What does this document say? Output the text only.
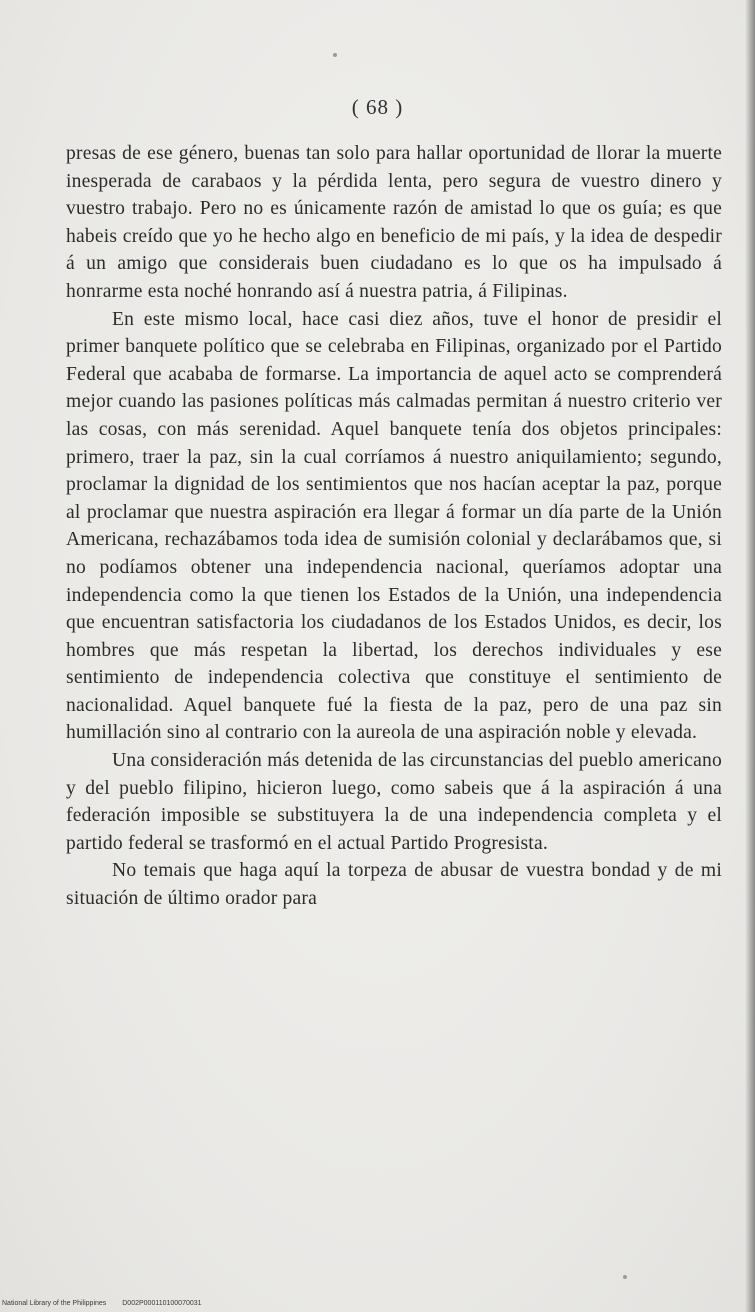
( 68 )

presas de ese género, buenas tan solo para hallar oportunidad de llorar la muerte inesperada de carabaos y la pérdida lenta, pero segura de vuestro dinero y vuestro trabajo. Pero no es únicamente razón de amistad lo que os guía; es que habeis creído que yo he hecho algo en beneficio de mi país, y la idea de despedir á un amigo que considerais buen ciudadano es lo que os ha impulsado á honrarme esta noché honrando así á nuestra patria, á Filipinas.

En este mismo local, hace casi diez años, tuve el honor de presidir el primer banquete político que se celebraba en Filipinas, organizado por el Partido Federal que acababa de formarse. La importancia de aquel acto se comprenderá mejor cuando las pasiones políticas más calmadas permitan á nuestro criterio ver las cosas, con más serenidad. Aquel banquete tenía dos objetos principales: primero, traer la paz, sin la cual corríamos á nuestro aniquilamiento; segundo, proclamar la dignidad de los sentimientos que nos hacían aceptar la paz, porque al proclamar que nuestra aspiración era llegar á formar un día parte de la Unión Americana, rechazábamos toda idea de sumisión colonial y declarábamos que, si no podíamos obtener una independencia nacional, queríamos adoptar una independencia como la que tienen los Estados de la Unión, una independencia que encuentran satisfactoria los ciudadanos de los Estados Unidos, es decir, los hombres que más respetan la libertad, los derechos individuales y ese sentimiento de independencia colectiva que constituye el sentimiento de nacionalidad. Aquel banquete fué la fiesta de la paz, pero de una paz sin humillación sino al contrario con la aureola de una aspiración noble y elevada.

Una consideración más detenida de las circunstancias del pueblo americano y del pueblo filipino, hicieron luego, como sabeis que á la aspiración á una federación imposible se substituyera la de una independencia completa y el partido federal se trasformó en el actual Partido Progresista.

No temais que haga aquí la torpeza de abusar de vuestra bondad y de mi situación de último orador para

National Library of the Philippines D002P000110100070031
